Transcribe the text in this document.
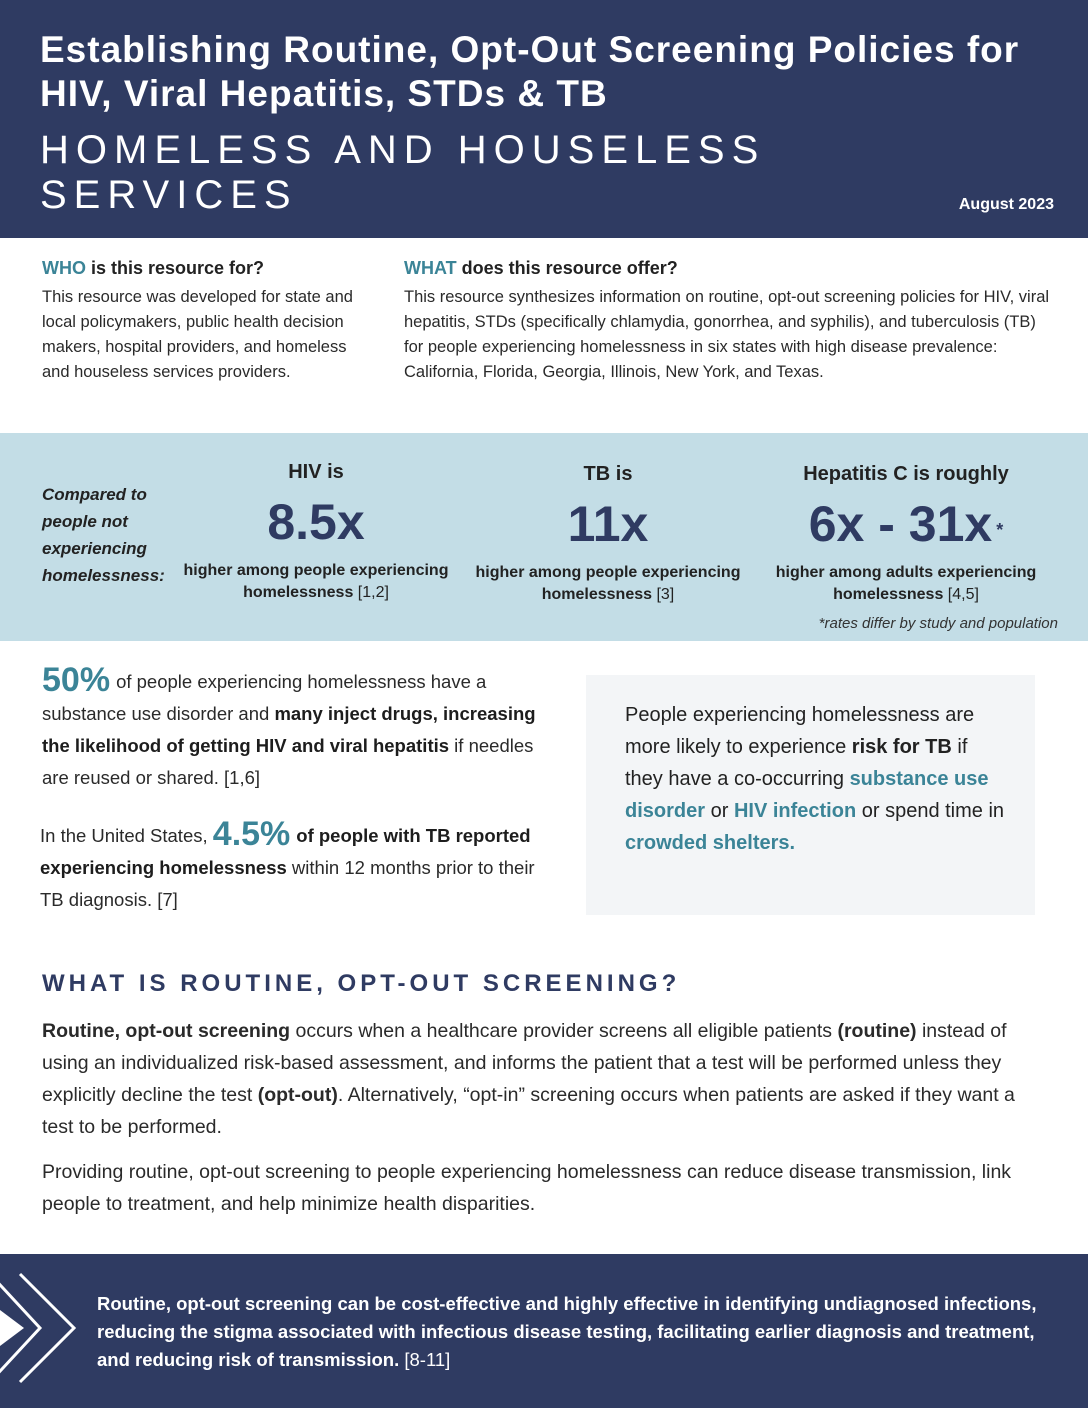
Establishing Routine, Opt-Out Screening Policies for HIV, Viral Hepatitis, STDs & TB
HOMELESS AND HOUSELESS SERVICES	August 2023
WHO is this resource for?

This resource was developed for state and local policymakers, public health decision makers, hospital providers, and homeless and houseless services providers.

WHAT does this resource offer?

This resource synthesizes information on routine, opt-out screening policies for HIV, viral hepatitis, STDs (specifically chlamydia, gonorrhea, and syphilis), and tuberculosis (TB) for people experiencing homelessness in six states with high disease prevalence: California, Florida, Georgia, Illinois, New York, and Texas.

Compared to people not experiencing homelessness:
HIV is
8.5x
higher among people experiencing homelessness [1,2]
TB is
11x
higher among people experiencing homelessness [3]
Hepatitis C is roughly
6x - 31x *
higher among adults experiencing homelessness [4,5]
*rates differ by study and population
50% of people experiencing homelessness have a substance use disorder and many inject drugs, increasing the likelihood of getting HIV and viral hepatitis if needles are reused or shared. [1,6]
In the United States, 4.5% of people with TB reported experiencing homelessness within 12 months prior to their TB diagnosis. [7]
People experiencing homelessness are more likely to experience risk for TB if they have a co-occurring substance use disorder or HIV infection or spend time in crowded shelters.
WHAT IS ROUTINE, OPT-OUT SCREENING?
Routine, opt-out screening occurs when a healthcare provider screens all eligible patients (routine) instead of using an individualized risk-based assessment, and informs the patient that a test will be performed unless they explicitly decline the test (opt-out). Alternatively, “opt-in” screening occurs when patients are asked if they want a test to be performed.
Providing routine, opt-out screening to people experiencing homelessness can reduce disease transmission, link people to treatment, and help minimize health disparities.

Routine, opt-out screening can be cost-effective and highly effective in identifying undiagnosed infections, reducing the stigma associated with infectious disease testing, facilitating earlier diagnosis and treatment, and reducing risk of transmission. [8-11]
